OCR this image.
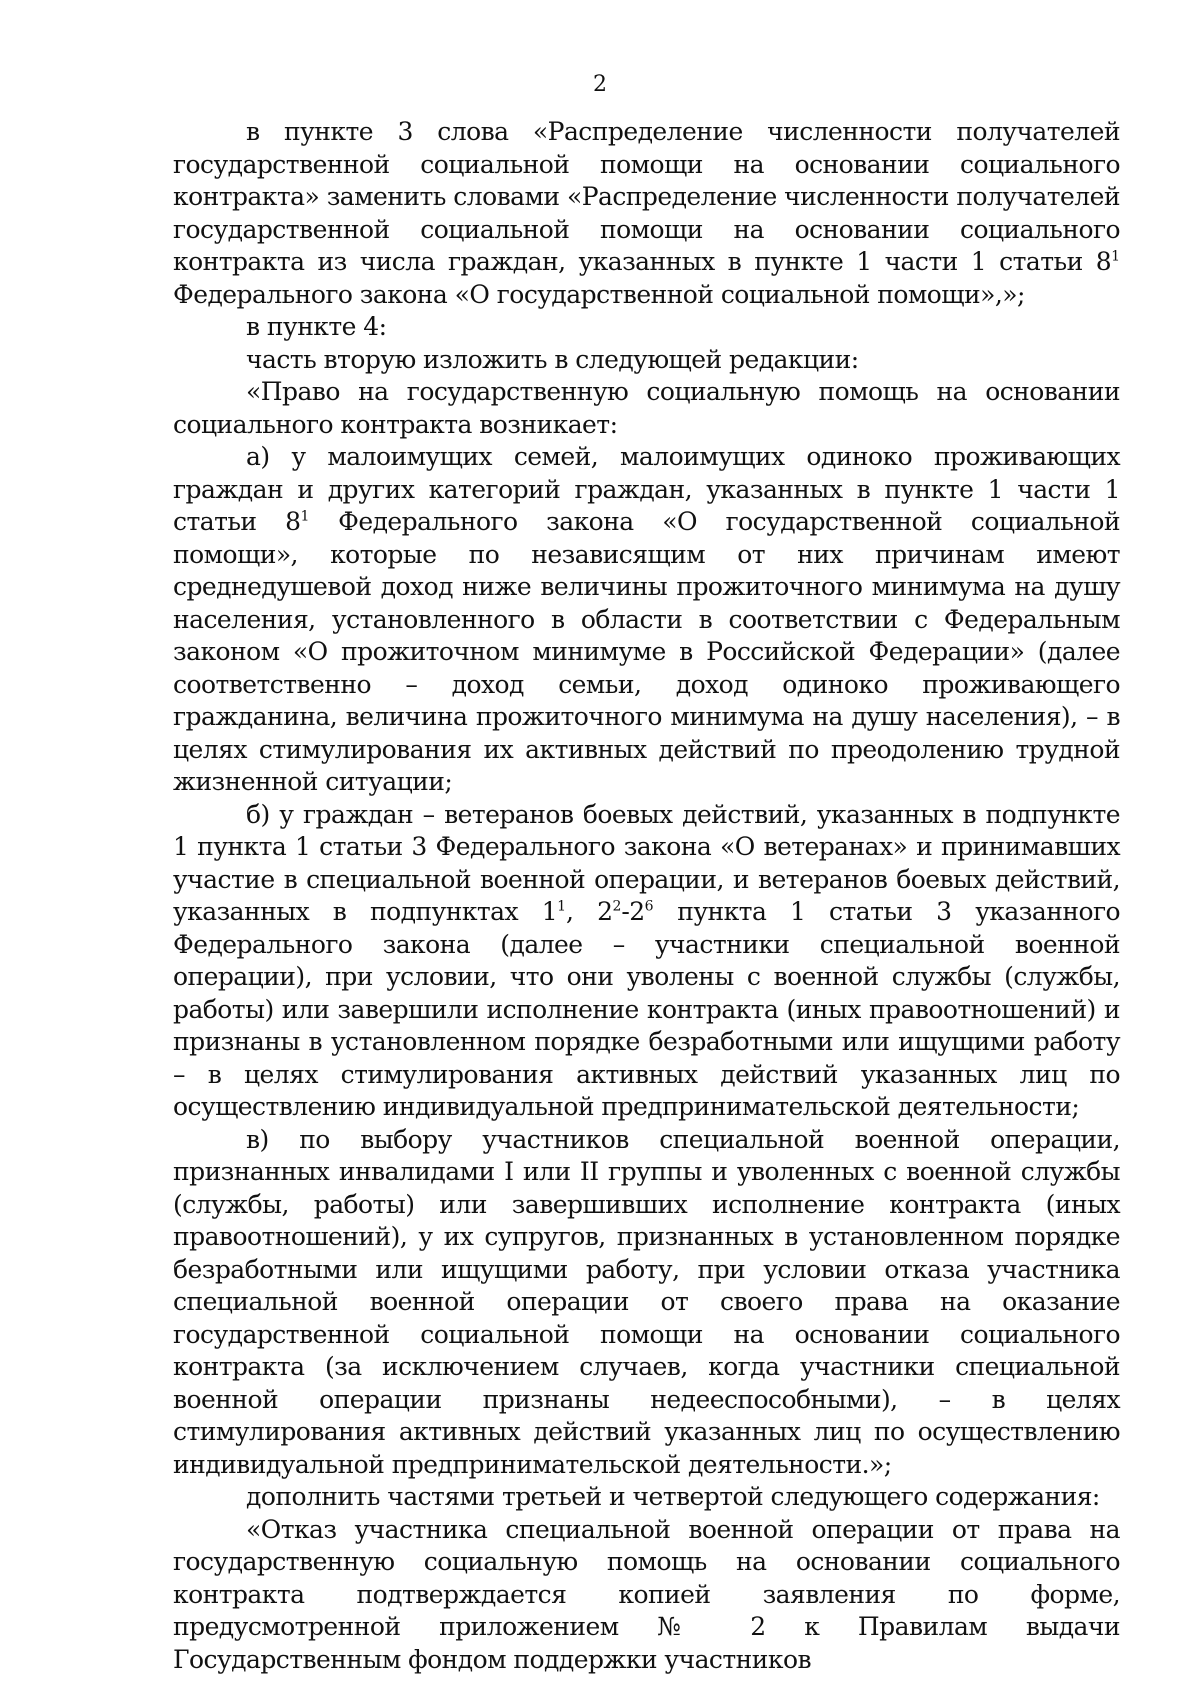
2

в пункте 3 слова «Распределение численности получателей государственной социальной помощи на основании социального контракта» заменить словами «Распределение численности получателей государственной социальной помощи на основании социального контракта из числа граждан, указанных в пункте 1 части 1 статьи $8^1$ Федерального закона «О государственной социальной помощи»,»;

в пункте 4:

часть вторую изложить в следующей редакции:

«Право на государственную социальную помощь на основании социального контракта возникает:

а) у малоимущих семей, малоимущих одиноко проживающих граждан и других категорий граждан, указанных в пункте 1 части 1 статьи $8^1$ Федерального закона «О государственной социальной помощи», которые по независящим от них причинам имеют среднедушевой доход ниже величины прожиточного минимума на душу населения, установленного в области в соответствии с Федеральным законом «О прожиточном минимуме в Российской Федерации» (далее соответственно – доход семьи, доход одиноко проживающего гражданина, величина прожиточного минимума на душу населения), – в целях стимулирования их активных действий по преодолению трудной жизненной ситуации;

б) у граждан – ветеранов боевых действий, указанных в подпункте 1 пункта 1 статьи 3 Федерального закона «О ветеранах» и принимавших участие в специальной военной операции, и ветеранов боевых действий, указанных в подпунктах $1^1$, $2^2-2^6$ пункта 1 статьи 3 указанного Федерального закона (далее – участники специальной военной операции), при условии, что они уволены с военной службы (службы, работы) или завершили исполнение контракта (иных правоотношений) и признаны в установленном порядке безработными или ищущими работу – в целях стимулирования активных действий указанных лиц по осуществлению индивидуальной предпринимательской деятельности;

в) по выбору участников специальной военной операции, признанных инвалидами I или II группы и уволенных с военной службы (службы, работы) или завершивших исполнение контракта (иных правоотношений), у их супругов, признанных в установленном порядке безработными или ищущими работу, при условии отказа участника специальной военной операции от своего права на оказание государственной социальной помощи на основании социального контракта (за исключением случаев, когда участники специальной военной операции признаны недееспособными), – в целях стимулирования активных действий указанных лиц по осуществлению индивидуальной предпринимательской деятельности.»;

дополнить частями третьей и четвертой следующего содержания:

«Отказ участника специальной военной операции от права на государственную социальную помощь на основании социального контракта подтверждается копией заявления по форме, предусмотренной приложением № 2 к Правилам выдачи Государственным фондом поддержки участников
